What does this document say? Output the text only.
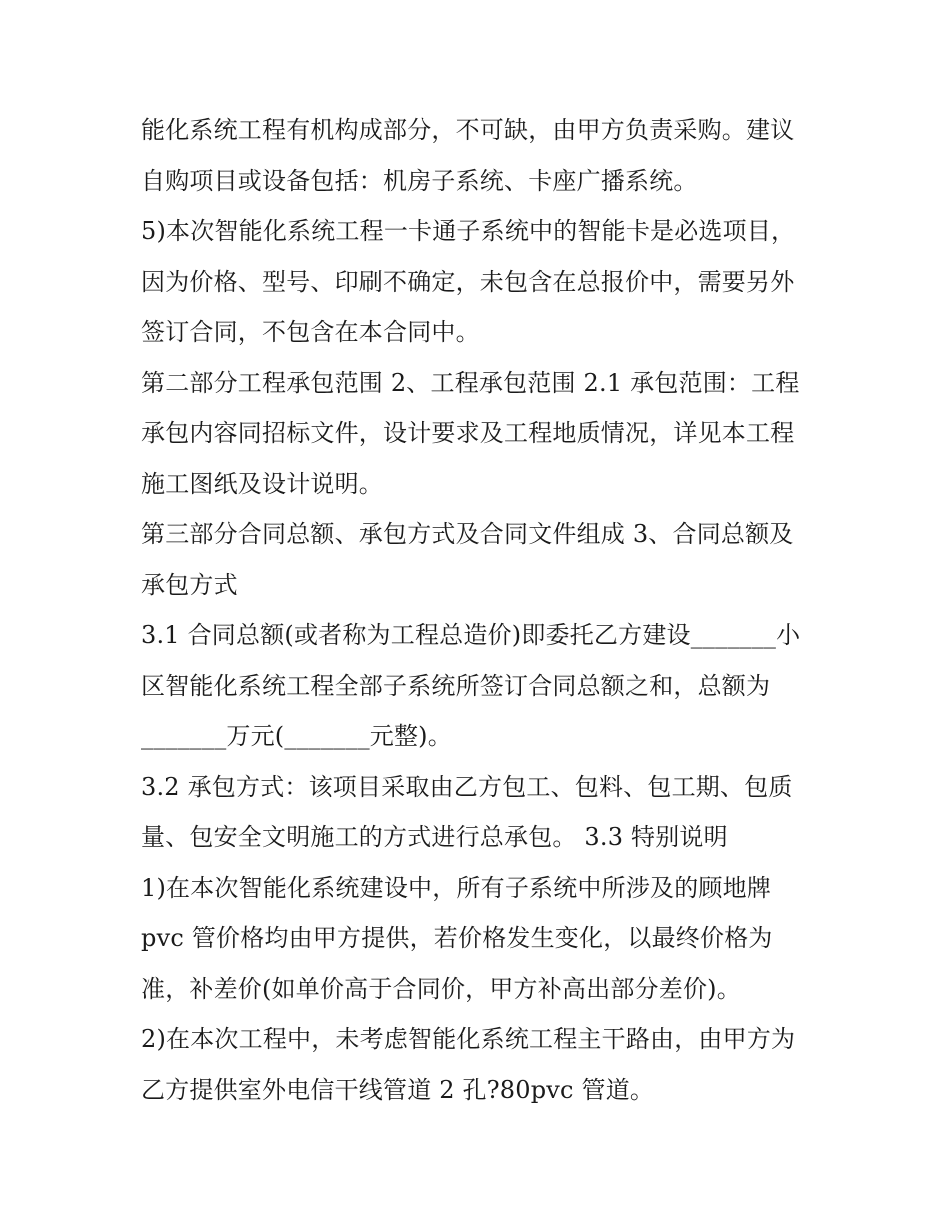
能化系统工程有机构成部分，不可缺，由甲方负责采购。建议
自购项目或设备包括：机房子系统、卡座广播系统。
5)本次智能化系统工程一卡通子系统中的智能卡是必选项目，
因为价格、型号、印刷不确定，未包含在总报价中，需要另外
签订合同，不包含在本合同中。
第二部分工程承包范围 2、工程承包范围 2.1 承包范围：工程
承包内容同招标文件，设计要求及工程地质情况，详见本工程
施工图纸及设计说明。
第三部分合同总额、承包方式及合同文件组成 3、合同总额及
承包方式
3.1 合同总额(或者称为工程总造价)即委托乙方建设_______小
区智能化系统工程全部子系统所签订合同总额之和，总额为
_______万元(_______元整)。
3.2 承包方式：该项目采取由乙方包工、包料、包工期、包质
量、包安全文明施工的方式进行总承包。 3.3 特别说明
1)在本次智能化系统建设中，所有子系统中所涉及的顾地牌
pvc 管价格均由甲方提供，若价格发生变化，以最终价格为
准，补差价(如单价高于合同价，甲方补高出部分差价)。
2)在本次工程中，未考虑智能化系统工程主干路由，由甲方为
乙方提供室外电信干线管道 2 孔?80pvc 管道。
